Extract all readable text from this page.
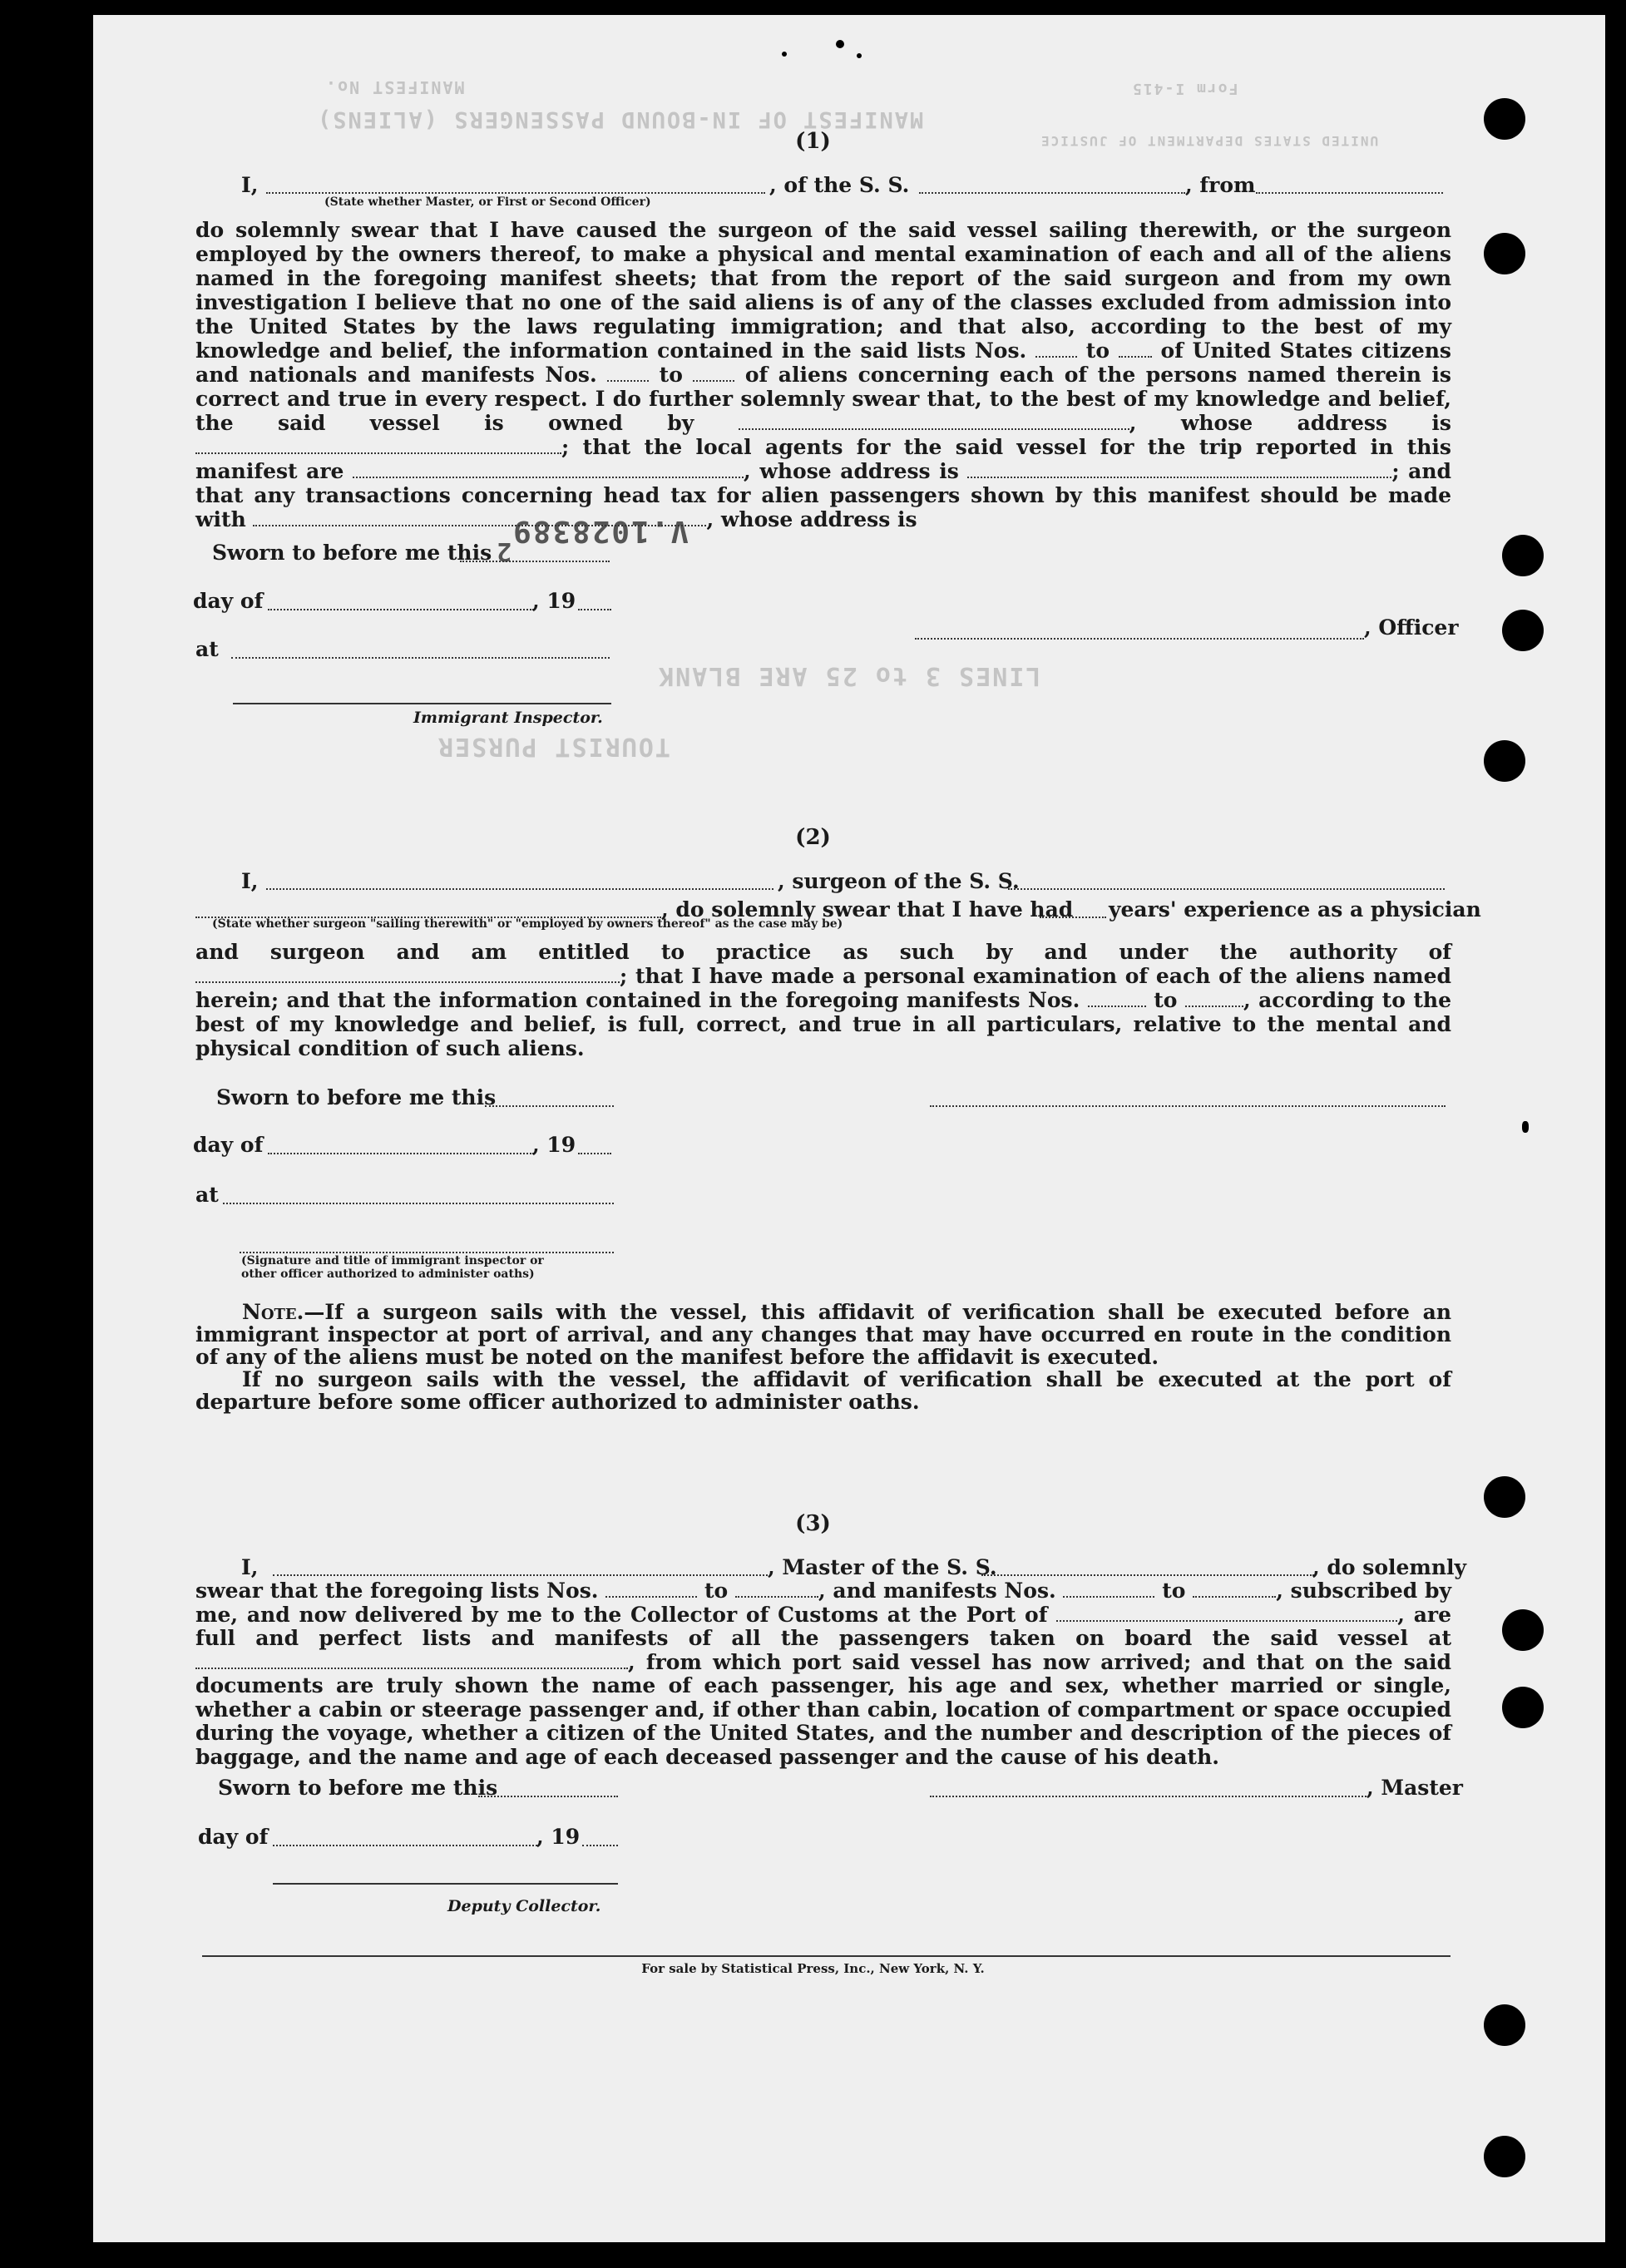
MANIFEST OF IN-BOUND PASSENGERS (ALIENS)
MANIFEST No.	Form I-415
UNITED STATES DEPARTMENT OF JUSTICE
LINES 3 to 25 ARE BLANK
TOURIST PURSER
V.1028389
2
(1)
I,	, of the S. S.	, from
(State whether Master, or First or Second Officer)

do solemnly swear that I have caused the surgeon of the said vessel sailing therewith, or the surgeon employed by the owners thereof, to make a physical and mental examination of each and all of the aliens named in the foregoing manifest sheets; that from the report of the said surgeon and from my own investigation I believe that no one of the said aliens is of any of the classes excluded from admission into the United States by the laws regulating immigration; and that also, according to the best of my knowledge and belief, the information contained in the said lists Nos.	to of United States citizens and nationals and manifests Nos.	to	of aliens concerning each of the persons named therein is correct and true in every respect. I do further solemnly swear that, to the best of my knowledge and belief, the said vessel is owned by	, whose address is ; that the local agents for the said vessel for the trip reported in this manifest are	, whose address is	; and that any transactions concerning head tax for alien passengers shown by this manifest should be made with	, whose address is

Sworn to before me this
day of	, 19
at
, Officer
Immigrant Inspector.
(2)
I,	, surgeon of the S. S.
, do solemnly swear that I have had years' experience as a physician
(State whether surgeon "sailing therewith" or "employed by owners thereof" as the case may be)

and surgeon and am entitled to practice as such by and under the authority of ; that I have made a personal examination of each of the aliens named herein; and that the information contained in the foregoing manifests Nos.	to	, according to the best of my knowledge and belief, is full, correct, and true in all particulars, relative to the mental and physical condition of such aliens.

Sworn to before me this
day of	, 19
at
(Signature and title of immigrant inspector or
other officer authorized to administer oaths)

Note.—If a surgeon sails with the vessel, this affidavit of verification shall be executed before an immigrant inspector at port of arrival, and any changes that may have occurred en route in the condition of any of the aliens must be noted on the manifest before the affidavit is executed.

If no surgeon sails with the vessel, the affidavit of verification shall be executed at the port of departure before some officer authorized to administer oaths.

(3)
I,	, Master of the S. S.	, do solemnly

swear that the foregoing lists Nos.	to	, and manifests Nos.	to	, subscribed by me, and now delivered by me to the Collector of Customs at the Port of	, are full and perfect lists and manifests of all the passengers taken on board the said vessel at , from which port said vessel has now arrived; and that on the said documents are truly shown the name of each passenger, his age and sex, whether married or single, whether a cabin or steerage passenger and, if other than cabin, location of compartment or space occupied during the voyage, whether a citizen of the United States, and the number and description of the pieces of baggage, and the name and age of each deceased passenger and the cause of his death.

Sworn to before me this	, Master
day of	, 19
Deputy Collector.
For sale by Statistical Press, Inc., New York, N. Y.
